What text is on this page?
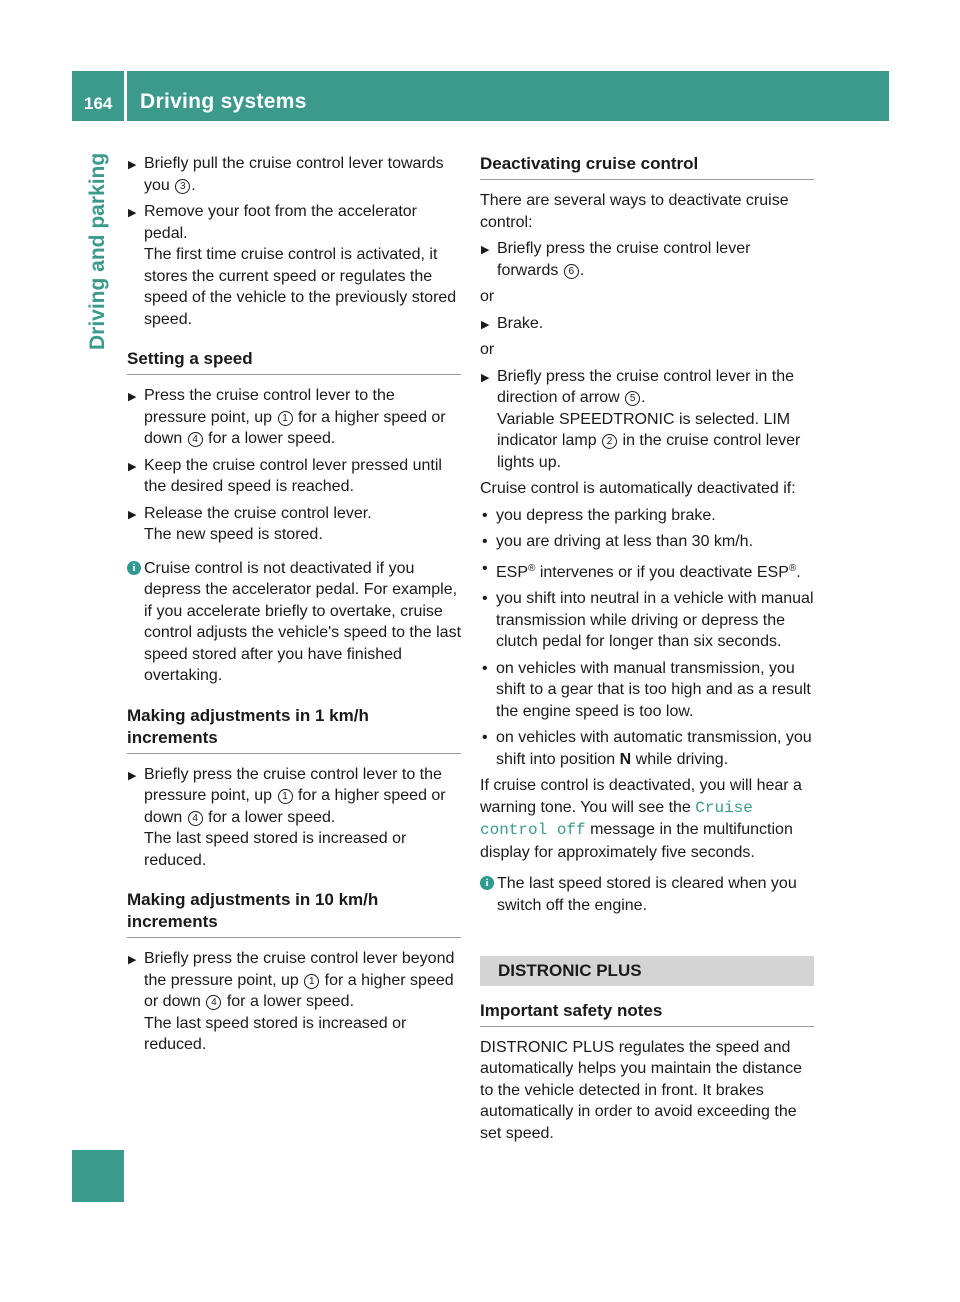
164 Driving systems
Driving and parking ▶ Briefly pull the cruise control lever towards you 3 .
▶ Remove your foot from the accelerator pedal.

The first time cruise control is activated, it stores the current speed or regulates the speed of the vehicle to the previously stored speed.

Setting a speed
▶ Press the cruise control lever to the pressure point, up 1 for a higher speed or down 4 for a lower speed.
▶ Keep the cruise control lever pressed until the desired speed is reached.
▶ Release the cruise control lever.

The new speed is stored.

i Cruise control is not deactivated if you depress the accelerator pedal. For example, if you accelerate briefly to overtake, cruise control adjusts the vehicle's speed to the last speed stored after you have finished overtaking.
Making adjustments in 1 km/h increments
▶ Briefly press the cruise control lever to the pressure point, up 1 for a higher speed or down 4 for a lower speed.

The last speed stored is increased or reduced.

Making adjustments in 10 km/h increments
▶ Briefly press the cruise control lever beyond the pressure point, up 1 for a higher speed or down 4 for a lower speed.

The last speed stored is increased or reduced.

Deactivating cruise control

There are several ways to deactivate cruise control:

▶ Briefly press the cruise control lever forwards 6 .

or

▶ Brake.

or

▶ Briefly press the cruise control lever in the direction of arrow 5 .

Variable SPEEDTRONIC is selected. LIM indicator lamp 2 in the cruise control lever lights up.

Cruise control is automatically deactivated if:

• you depress the parking brake.
• you are driving at less than 30 km/h.
• ESP® intervenes or if you deactivate ESP®.
• you shift into neutral in a vehicle with manual transmission while driving or depress the clutch pedal for longer than six seconds.
• on vehicles with manual transmission, you shift to a gear that is too high and as a result the engine speed is too low.
• on vehicles with automatic transmission, you shift into position N while driving.

If cruise control is deactivated, you will hear a warning tone. You will see the Cruise control off message in the multifunction display for approximately five seconds.

i The last speed stored is cleared when you switch off the engine.
DISTRONIC PLUS
Important safety notes

DISTRONIC PLUS regulates the speed and automatically helps you maintain the distance to the vehicle detected in front. It brakes automatically in order to avoid exceeding the set speed.
